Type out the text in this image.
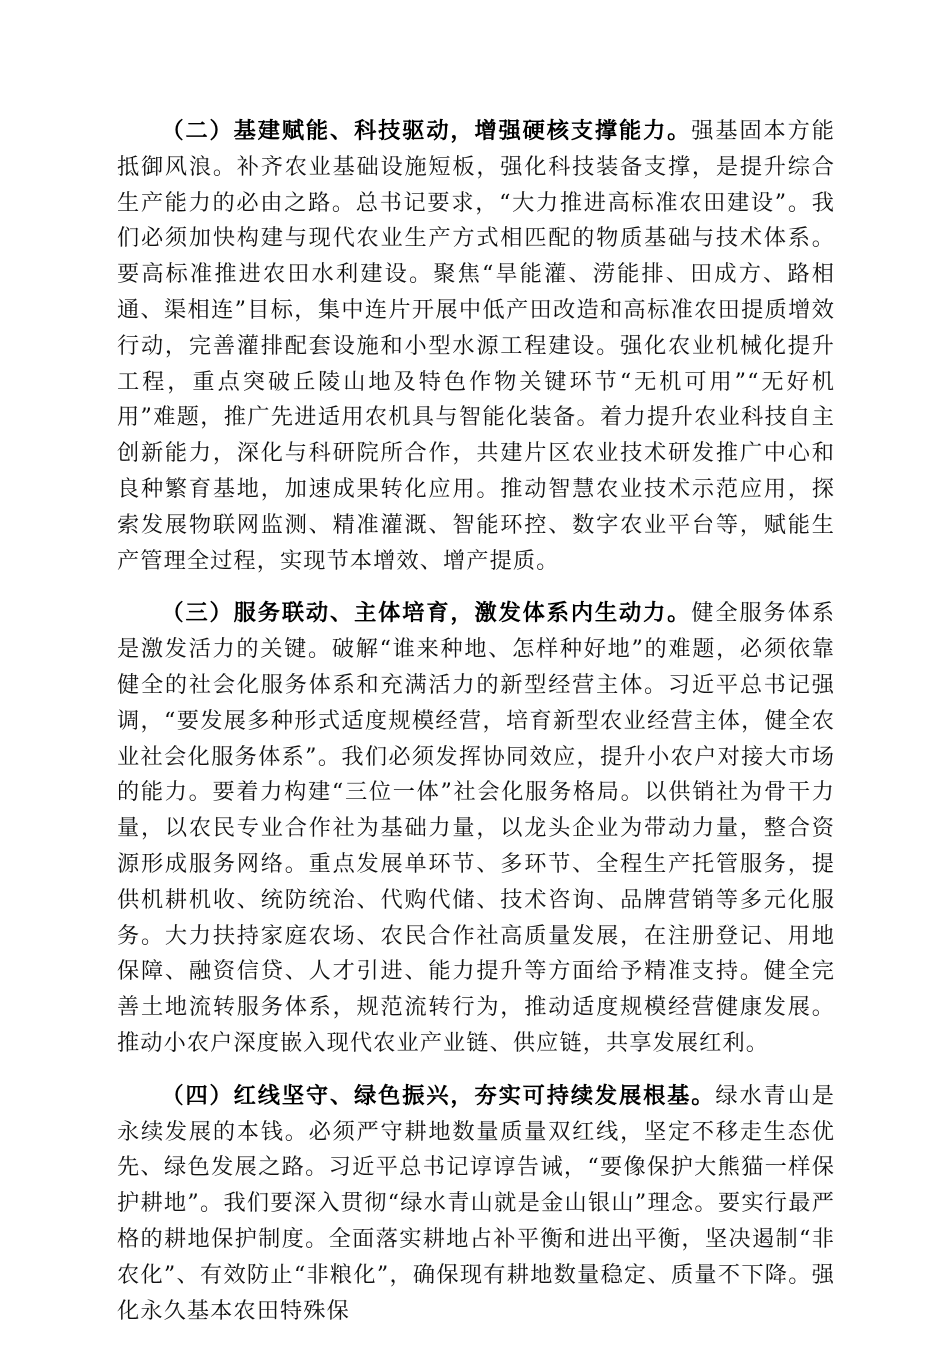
（二）基建赋能、科技驱动，增强硬核支撑能力。强基固本方能抵御风浪。补齐农业基础设施短板，强化科技装备支撑，是提升综合生产能力的必由之路。总书记要求，“大力推进高标准农田建设”。我们必须加快构建与现代农业生产方式相匹配的物质基础与技术体系。要高标准推进农田水利建设。聚焦“旱能灌、涝能排、田成方、路相通、渠相连”目标，集中连片开展中低产田改造和高标准农田提质增效行动，完善灌排配套设施和小型水源工程建设。强化农业机械化提升工程，重点突破丘陵山地及特色作物关键环节“无机可用”“无好机用”难题，推广先进适用农机具与智能化装备。着力提升农业科技自主创新能力，深化与科研院所合作，共建片区农业技术研发推广中心和良种繁育基地，加速成果转化应用。推动智慧农业技术示范应用，探索发展物联网监测、精准灌溉、智能环控、数字农业平台等，赋能生产管理全过程，实现节本增效、增产提质。

（三）服务联动、主体培育，激发体系内生动力。健全服务体系是激发活力的关键。破解“谁来种地、怎样种好地”的难题，必须依靠健全的社会化服务体系和充满活力的新型经营主体。习近平总书记强调，“要发展多种形式适度规模经营，培育新型农业经营主体，健全农业社会化服务体系”。我们必须发挥协同效应，提升小农户对接大市场的能力。要着力构建“三位一体”社会化服务格局。以供销社为骨干力量，以农民专业合作社为基础力量，以龙头企业为带动力量，整合资源形成服务网络。重点发展单环节、多环节、全程生产托管服务，提供机耕机收、统防统治、代购代储、技术咨询、品牌营销等多元化服务。大力扶持家庭农场、农民合作社高质量发展，在注册登记、用地保障、融资信贷、人才引进、能力提升等方面给予精准支持。健全完善土地流转服务体系，规范流转行为，推动适度规模经营健康发展。推动小农户深度嵌入现代农业产业链、供应链，共享发展红利。

（四）红线坚守、绿色振兴，夯实可持续发展根基。绿水青山是永续发展的本钱。必须严守耕地数量质量双红线，坚定不移走生态优先、绿色发展之路。习近平总书记谆谆告诫，“要像保护大熊猫一样保护耕地”。我们要深入贯彻“绿水青山就是金山银山”理念。要实行最严格的耕地保护制度。全面落实耕地占补平衡和进出平衡，坚决遏制“非农化”、有效防止“非粮化”，确保现有耕地数量稳定、质量不下降。强化永久基本农田特殊保
